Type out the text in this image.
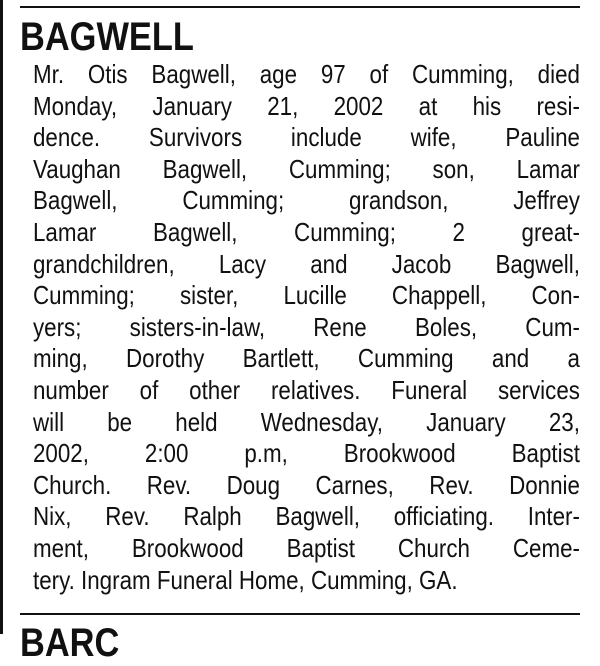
BAGWELL
Mr. Otis Bagwell, age 97 of Cumming, died
Monday, January 21, 2002 at his resi-
dence. Survivors include wife, Pauline
Vaughan Bagwell, Cumming; son, Lamar
Bagwell, Cumming; grandson, Jeffrey
Lamar Bagwell, Cumming; 2 great-
grandchildren, Lacy and Jacob Bagwell,
Cumming; sister, Lucille Chappell, Con-
yers; sisters-in-law, Rene Boles, Cum-
ming, Dorothy Bartlett, Cumming and a
number of other relatives. Funeral services
will be held Wednesday, January 23,
2002, 2:00 p.m, Brookwood Baptist
Church. Rev. Doug Carnes, Rev. Donnie
Nix, Rev. Ralph Bagwell, officiating. Inter-
ment, Brookwood Baptist Church Ceme-
tery. Ingram Funeral Home, Cumming, GA.
BARC
